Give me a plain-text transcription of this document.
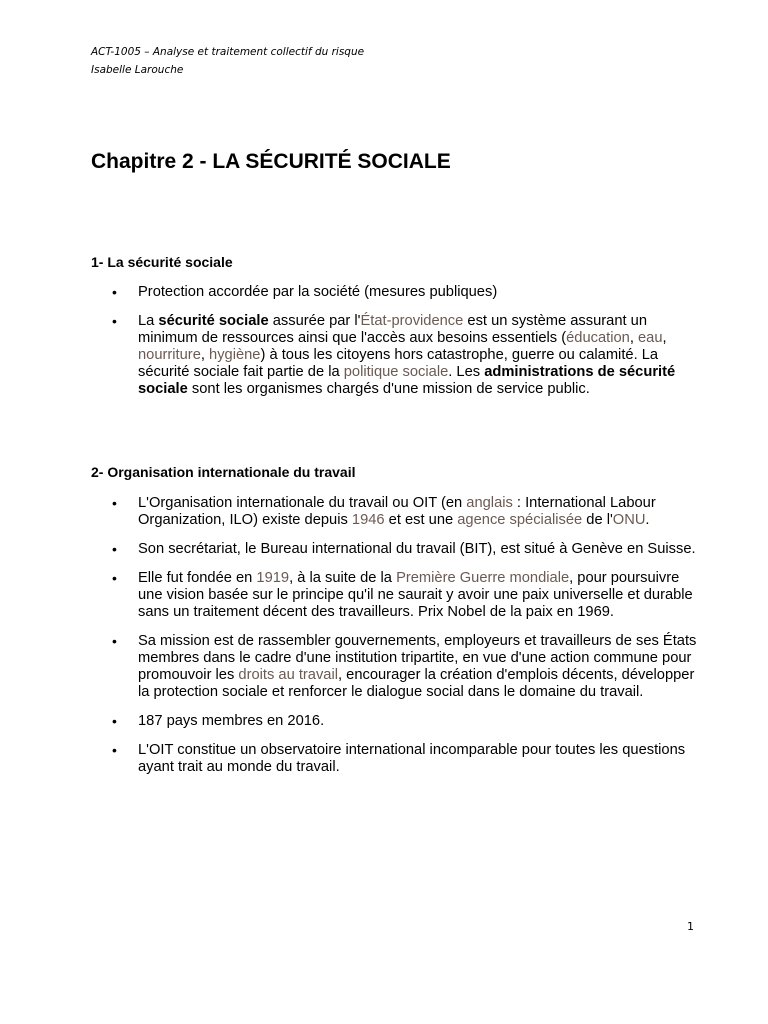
ACT-1005 – Analyse et traitement collectif du risque
Isabelle Larouche
Chapitre 2 - LA SÉCURITÉ SOCIALE
1- La sécurité sociale
• Protection accordée par la société (mesures publiques)
• La sécurité sociale assurée par l'État-providence est un système assurant un minimum de ressources ainsi que l'accès aux besoins essentiels (éducation, eau, nourriture, hygiène) à tous les citoyens hors catastrophe, guerre ou calamité. La sécurité sociale fait partie de la politique sociale. Les administrations de sécurité sociale sont les organismes chargés d'une mission de service public.
2- Organisation internationale du travail
• L'Organisation internationale du travail ou OIT (en anglais : International Labour Organization, ILO) existe depuis 1946 et est une agence spécialisée de l'ONU.
• Son secrétariat, le Bureau international du travail (BIT), est situé à Genève en Suisse.
• Elle fut fondée en 1919, à la suite de la Première Guerre mondiale, pour poursuivre une vision basée sur le principe qu'il ne saurait y avoir une paix universelle et durable sans un traitement décent des travailleurs. Prix Nobel de la paix en 1969.
• Sa mission est de rassembler gouvernements, employeurs et travailleurs de ses États membres dans le cadre d'une institution tripartite, en vue d'une action commune pour promouvoir les droits au travail, encourager la création d'emplois décents, développer la protection sociale et renforcer le dialogue social dans le domaine du travail.
• 187 pays membres en 2016.
• L'OIT constitue un observatoire international incomparable pour toutes les questions ayant trait au monde du travail.
1
